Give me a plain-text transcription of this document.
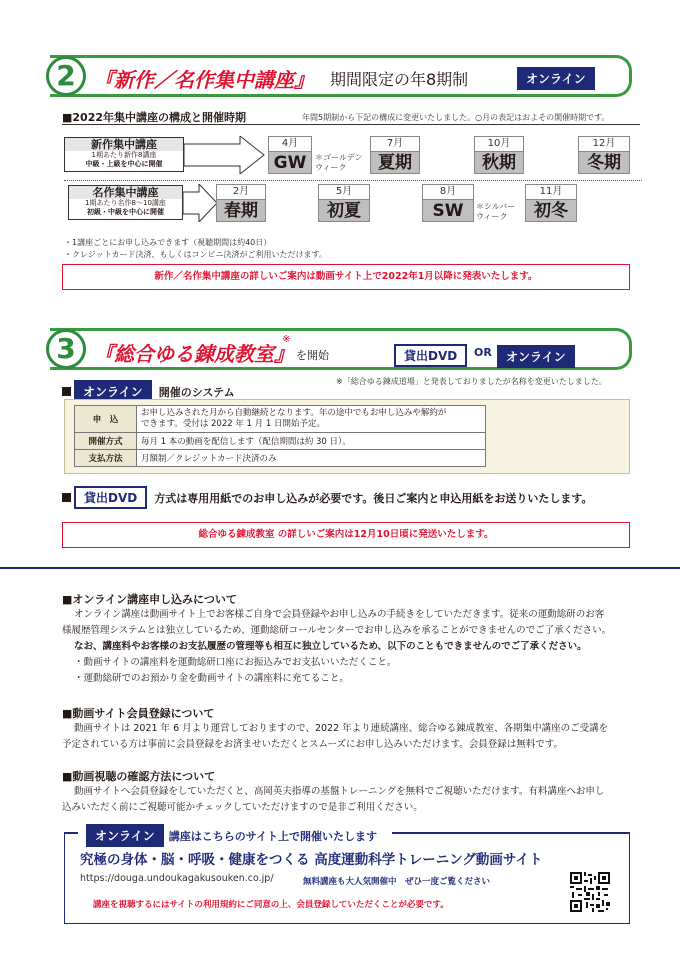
2 『新作／名作集中講座』 期間限定の年8期制	オンライン
■2022年集中講座の構成と開催時期	年間5期制から下記の構成に変更いたしました。○月の表記はおよその開催時期です。
新作集中講座
1期あたり新作8講座
中級・上級を中心に開催
4月
GW	＊ゴールデン ウィーク
7月
夏期
10月
秋期
12月
冬期
名作集中講座
1期あたり名作8〜10講座
初級・中級を中心に開催
2月
春期
5月
初夏
8月
SW	＊シルバー ウィーク
11月
初冬
・1講座ごとにお申し込みできます（視聴期間は約40日）
・クレジットカード決済、もしくはコンビニ決済がご利用いただけます。
新作／名作集中講座の詳しいご案内は動画サイト上で2022年1月以降に発表いたします。
3 『総合ゆる錬成教室』
※
を開始	貸出DVD	OR	オンライン
※「総合ゆる錬成道場」と発表しておりましたが名称を変更いたしました。
オンライン 開催のシステム
申　込	お申し込みされた月から自動継続となります。年の途中でもお申し込みや解約が
できます。受付は 2022 年 1 月 1 日開始予定。
開催方式	毎月 1 本の動画を配信します（配信期間は約 30 日）。
支払方法	月額制／クレジットカード決済のみ
貸出DVD 方式は専用用紙でのお申し込みが必要です。後日ご案内と申込用紙をお送りいたします。
総合ゆる錬成教室 の詳しいご案内は12月10日頃に発送いたします。
■オンライン講座申し込みについて
オンライン講座は動画サイト上でお客様ご自身で会員登録やお申し込みの手続きをしていただきます。従来の運動総研のお客
様履歴管理システムとは独立しているため、運動総研コールセンターでお申し込みを承ることができませんのでご了承ください。
なお、講座料やお客様のお支払履歴の管理等も相互に独立しているため、以下のこともできませんのでご了承ください。
・動画サイトの講座料を運動総研口座にお振込みでお支払いいただくこと。
・運動総研でのお預かり金を動画サイトの講座料に充てること。
■動画サイト会員登録について
動画サイトは 2021 年 6 月より運営しておりますので、2022 年より連続講座、総合ゆる錬成教室、各期集中講座のご受講を
予定されている方は事前に会員登録をお済ませいただくとスムーズにお申し込みいただけます。会員登録は無料です。
■動画視聴の確認方法について
動画サイトへ会員登録をしていただくと、高岡英夫指導の基盤トレーニングを無料でご視聴いただけます。有料講座へお申し
込みいただく前にご視聴可能かチェックしていただけますので是非ご利用ください。
オンライン 講座はこちらのサイト上で開催いたします
究極の身体・脳・呼吸・健康をつくる 高度運動科学トレーニング動画サイト
https://douga.undoukagakusouken.co.jp/	無料講座も大人気開催中　ぜひ一度ご覧ください
講座を視聴するにはサイトの利用規約にご同意の上、会員登録していただくことが必要です。
